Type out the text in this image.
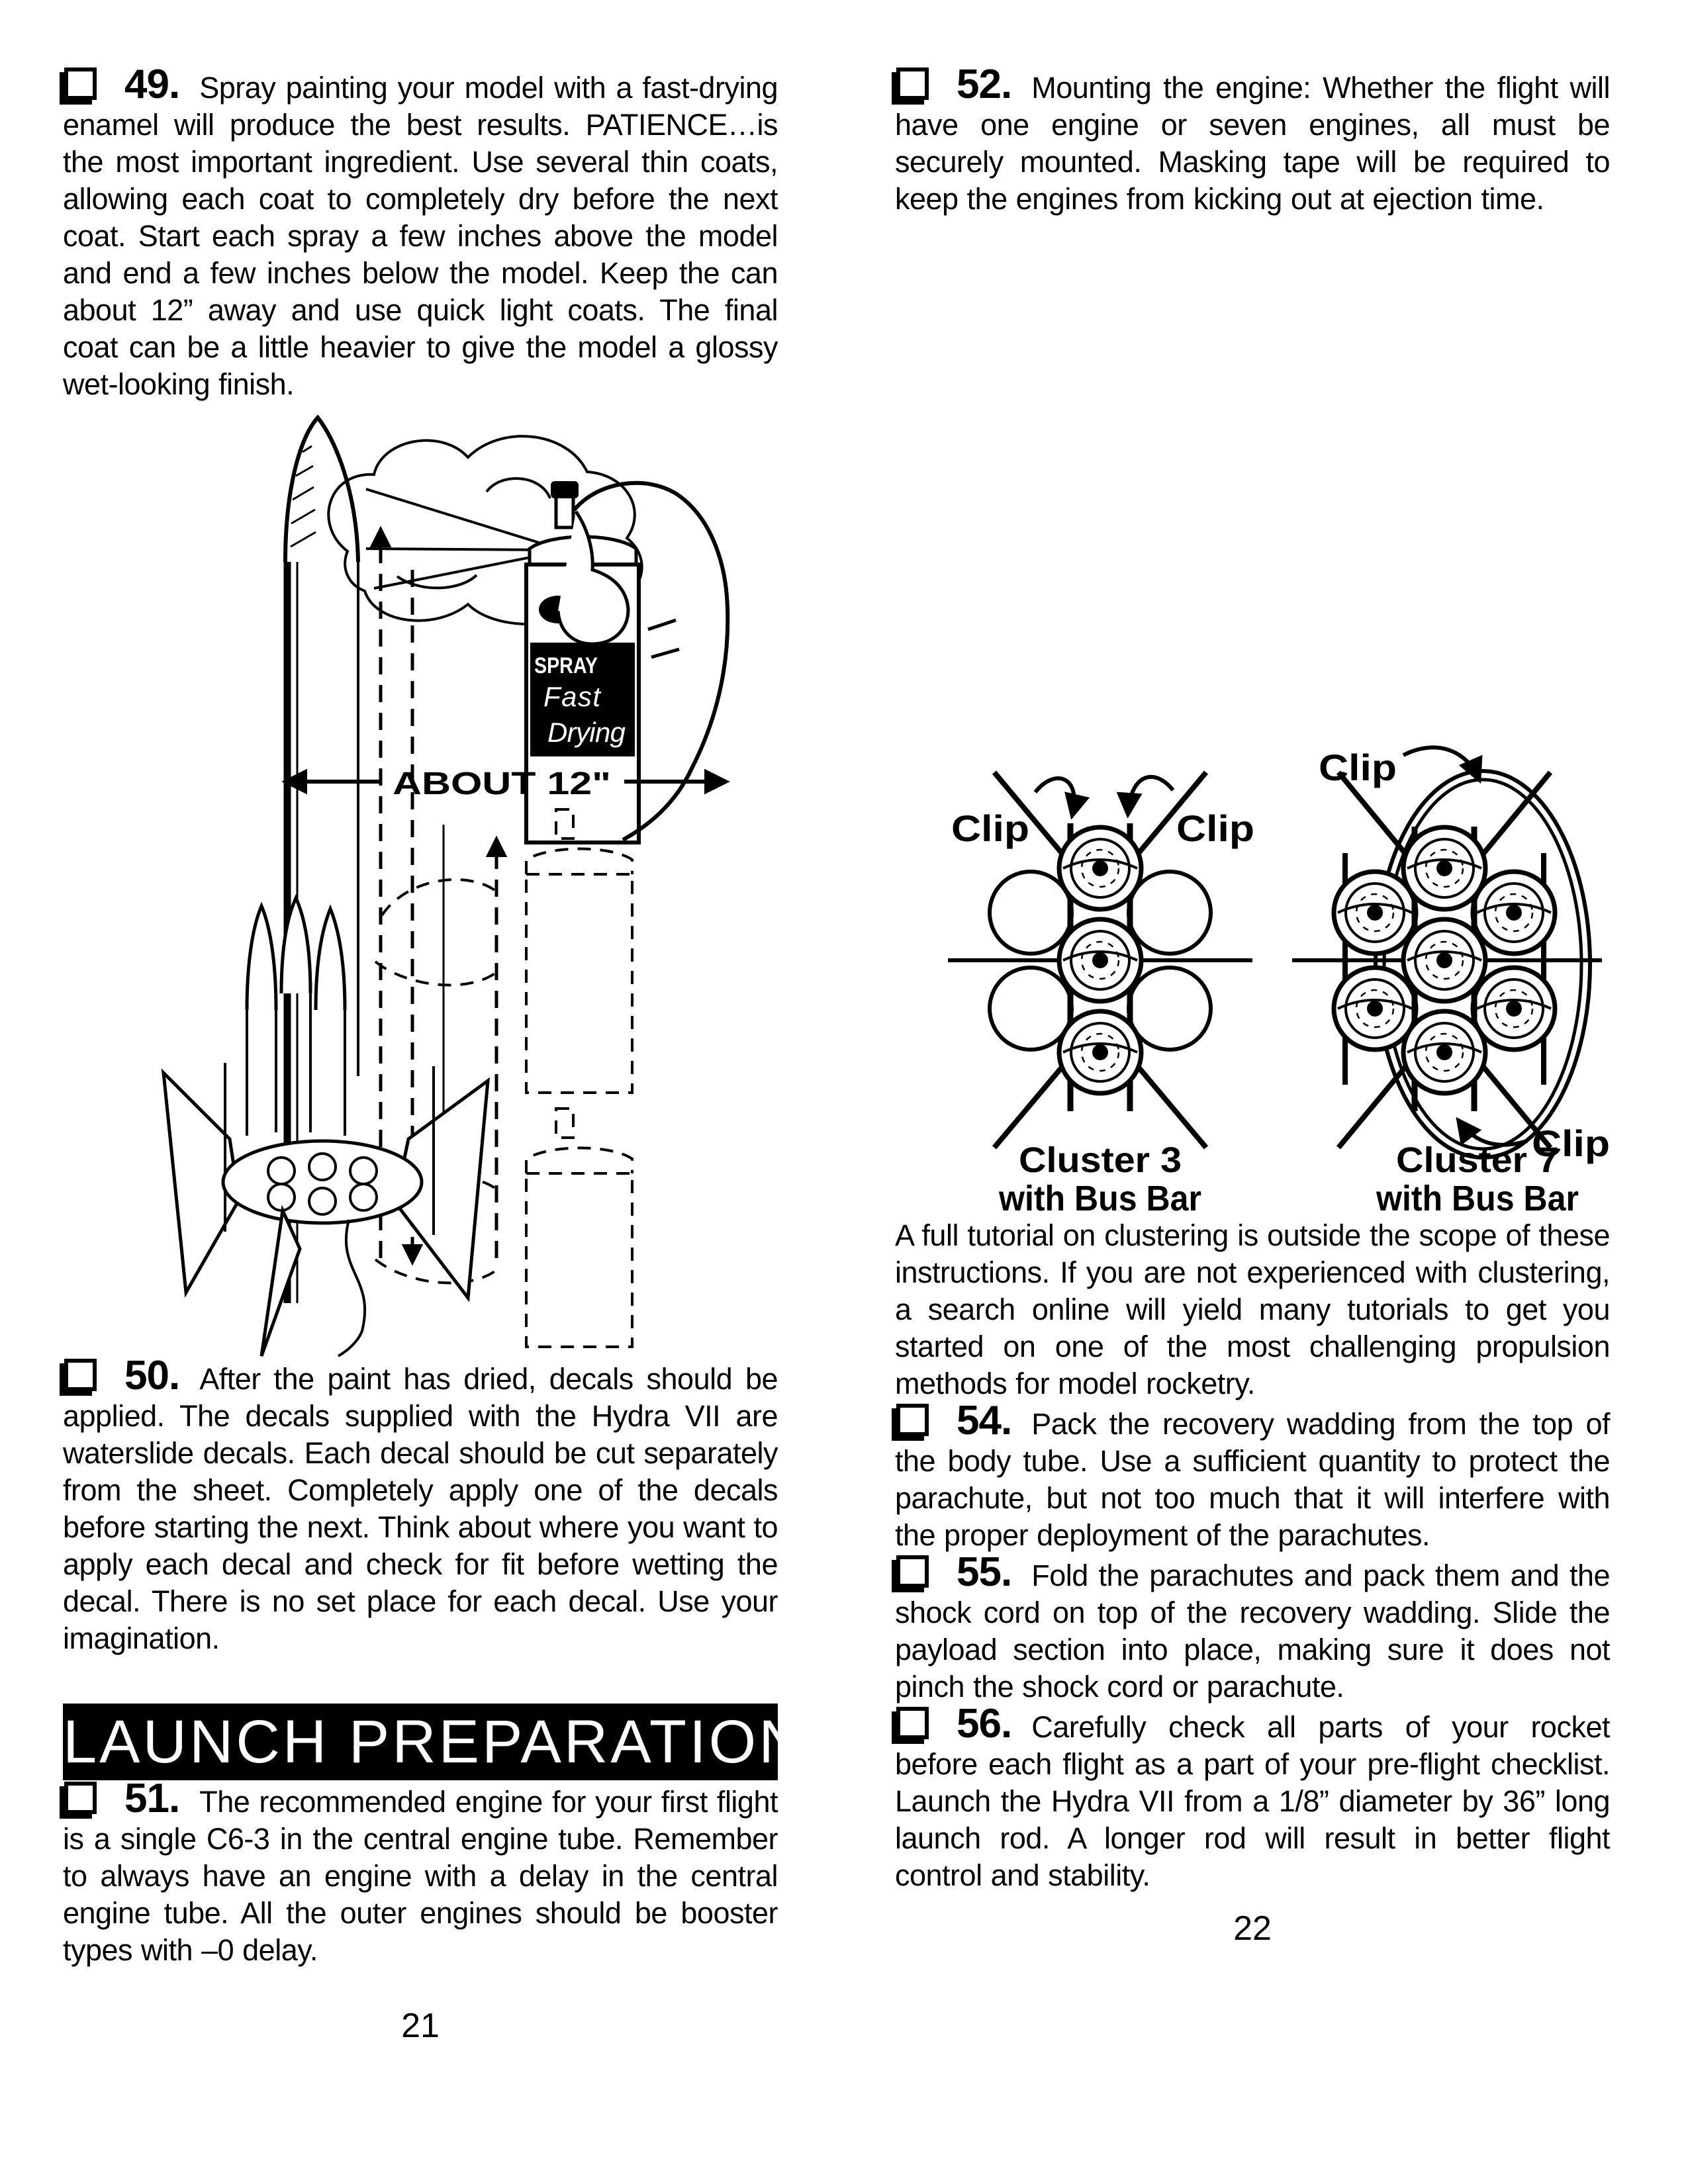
49. Spray painting your model with a fast-drying enamel will produce the best results. PATIENCE…is the most important ingredient. Use several thin coats, allowing each coat to completely dry before the next coat. Start each spray a few inches above the model and end a few inches below the model. Keep the can about 12” away and use quick light coats. The final coat can be a little heavier to give the model a glossy wet-looking finish.

SPRAY
Fast
Drying
ABOUT 12"

50. After the paint has dried, decals should be applied. The decals supplied with the Hydra VII are waterslide decals. Each decal should be cut separately from the sheet. Completely apply one of the decals before starting the next. Think about where you want to apply each decal and check for fit before wetting the decal. There is no set place for each decal. Use your imagination.

LAUNCH PREPARATION

51. The recommended engine for your first flight is a single C6-3 in the central engine tube. Remember to always have an engine with a delay in the central engine tube. All the outer engines should be booster types with –0 delay.

21

52. Mounting the engine: Whether the flight will have one engine or seven engines, all must be securely mounted. Masking tape will be required to keep the engines from kicking out at ejection time.

Clip	Clip
Cluster 3
with Bus Bar
Clip
Clip
Cluster 7
with Bus Bar

A full tutorial on clustering is outside the scope of these instructions. If you are not experienced with clustering, a search online will yield many tutorials to get you started on one of the most challenging propulsion methods for model rocketry.

54. Pack the recovery wadding from the top of the body tube. Use a sufficient quantity to protect the parachute, but not too much that it will interfere with the proper deployment of the parachutes.

55. Fold the parachutes and pack them and the shock cord on top of the recovery wadding. Slide the payload section into place, making sure it does not pinch the shock cord or parachute.

56. Carefully check all parts of your rocket before each flight as a part of your pre-flight checklist. Launch the Hydra VII from a 1/8” diameter by 36” long launch rod. A longer rod will result in better flight control and stability.

22
